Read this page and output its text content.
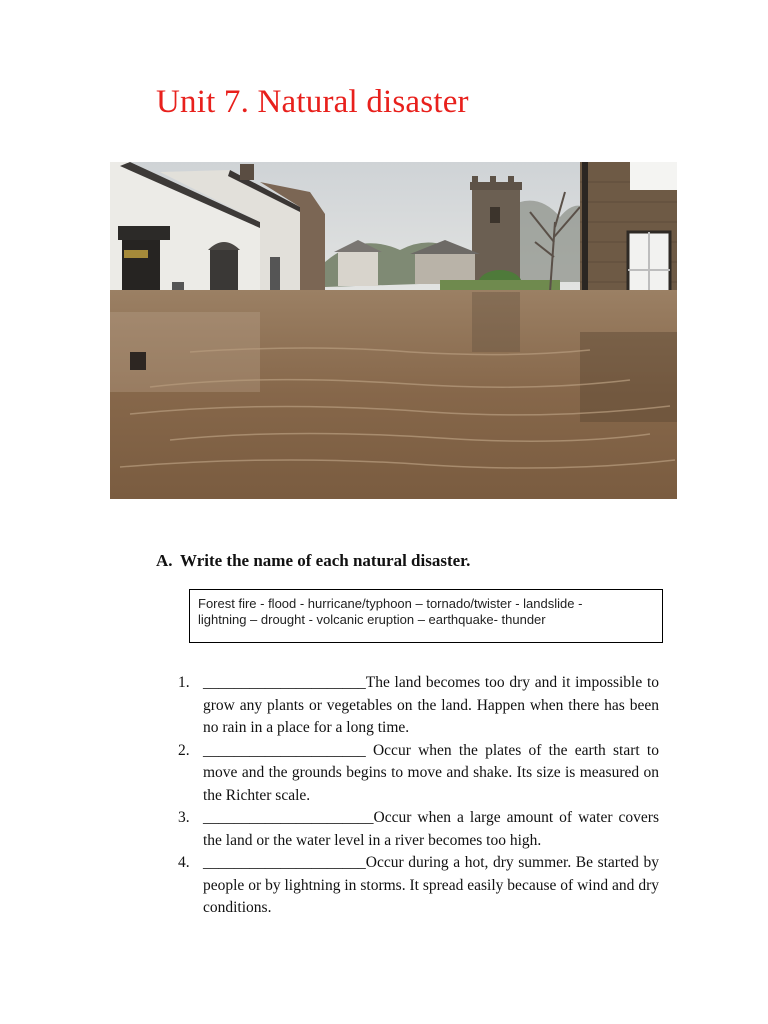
Unit 7. Natural disaster
A. Write the name of each natural disaster.
Forest fire - flood - hurricane/typhoon – tornado/twister - landslide -
lightning – drought - volcanic eruption – earthquake- thunder
1. _____________________The land becomes too dry and it impossible to grow any plants or vegetables on the land. Happen when there has been no rain in a place for a long time.
2. _____________________ Occur when the plates of the earth start to move and the grounds begins to move and shake. Its size is measured on the Richter scale.
3. ______________________Occur when a large amount of water covers the land or the water level in a river becomes too high.
4. _____________________Occur during a hot, dry summer. Be started by people or by lightning in storms. It spread easily because of wind and dry conditions.
